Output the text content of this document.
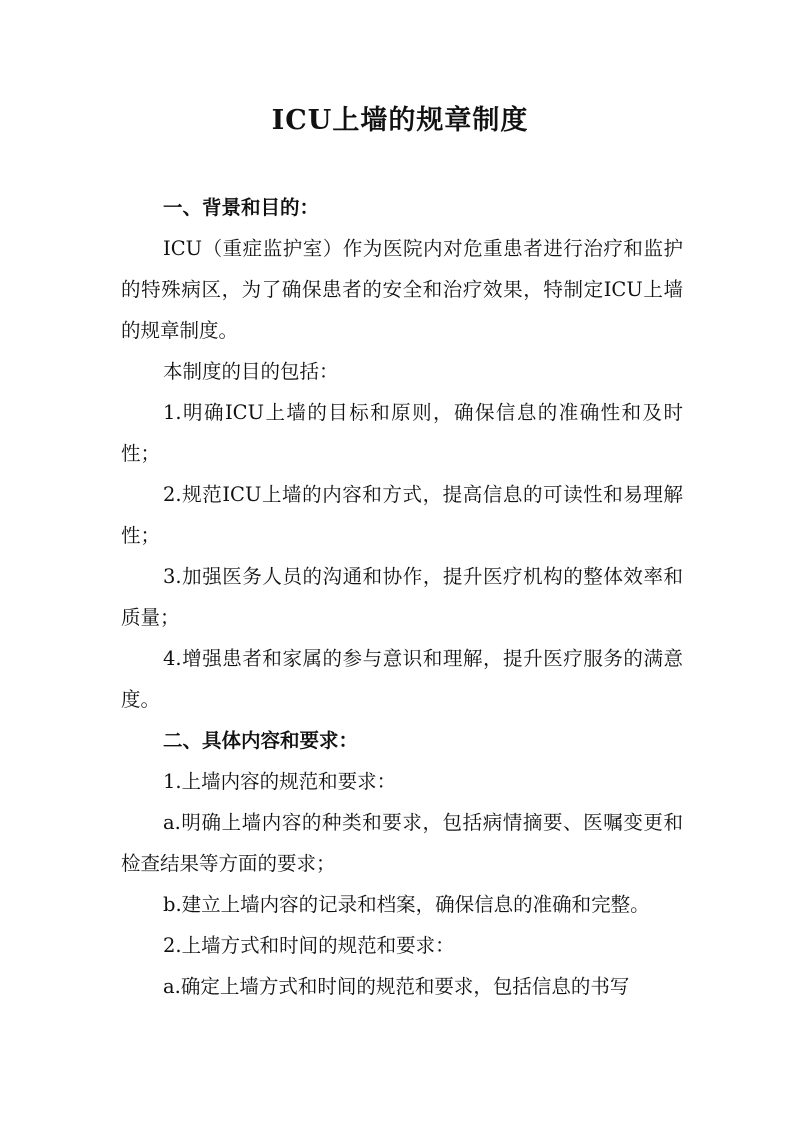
ICU上墙的规章制度

一、背景和目的：

ICU（重症监护室）作为医院内对危重患者进行治疗和监护的特殊病区，为了确保患者的安全和治疗效果，特制定ICU上墙的规章制度。

本制度的目的包括：

1.明确ICU上墙的目标和原则，确保信息的准确性和及时性；

2.规范ICU上墙的内容和方式，提高信息的可读性和易理解性；

3.加强医务人员的沟通和协作，提升医疗机构的整体效率和质量；

4.增强患者和家属的参与意识和理解，提升医疗服务的满意度。

二、具体内容和要求：

1.上墙内容的规范和要求：

a.明确上墙内容的种类和要求，包括病情摘要、医嘱变更和检查结果等方面的要求；

b.建立上墙内容的记录和档案，确保信息的准确和完整。

2.上墙方式和时间的规范和要求：

a.确定上墙方式和时间的规范和要求，包括信息的书写
